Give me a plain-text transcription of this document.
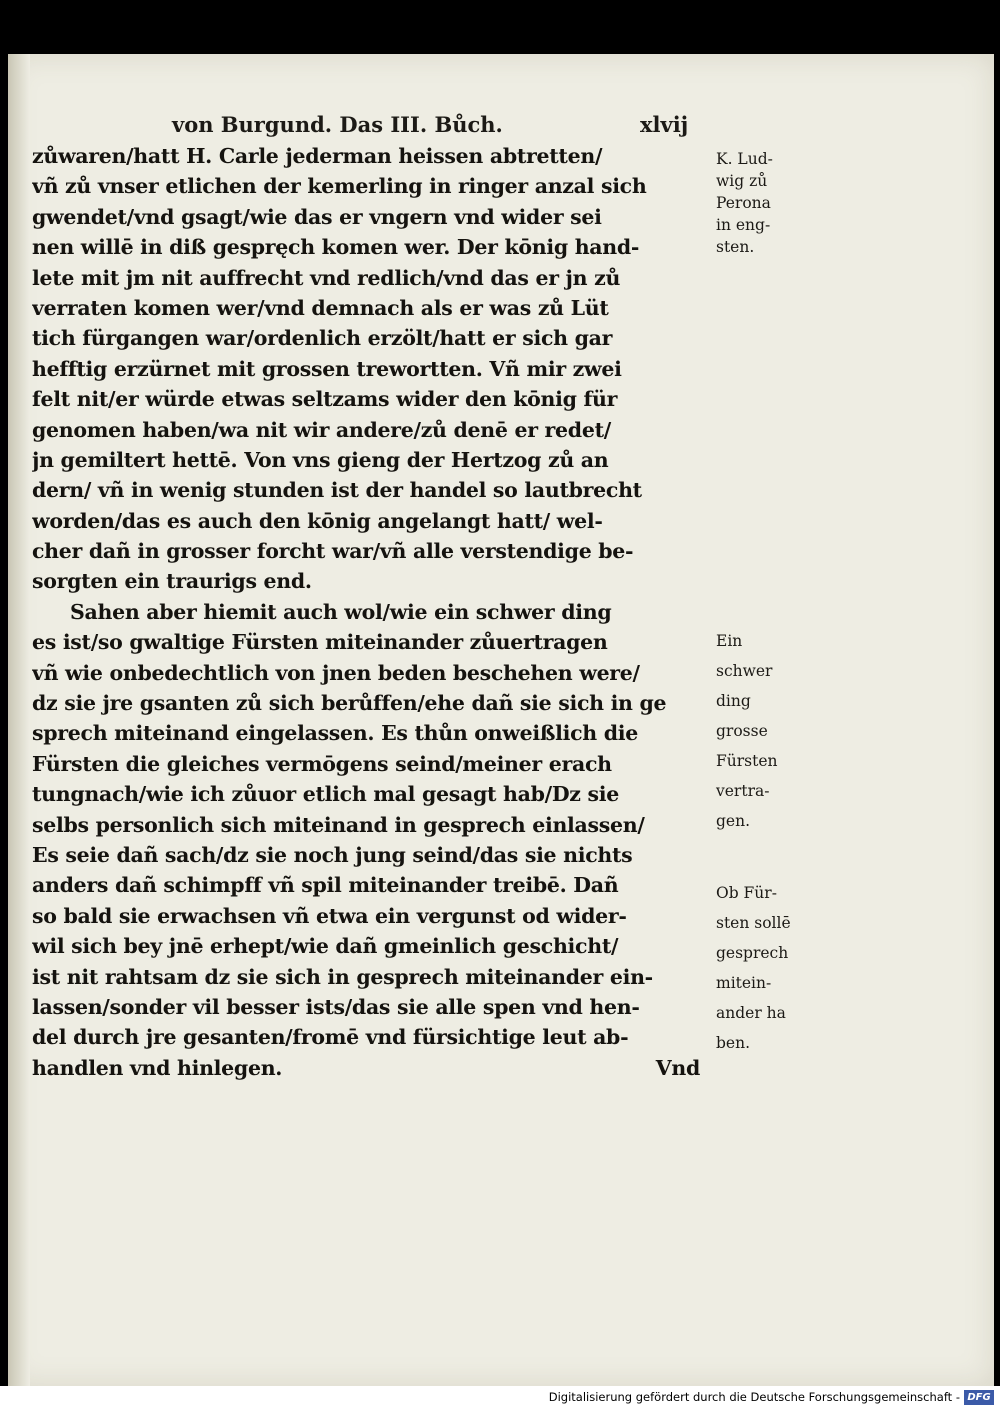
von Burgund. Das III. Bůch.	xlvij
zůwaren/hatt H. Carle jederman heissen abtretten/
vñ zů vnser etlichen der kemerling in ringer anzal sich
gwendet/vnd gsagt/wie das er vngern vnd wider sei
nen willē in diß gespręch komen wer. Der kōnig hand-
lete mit jm nit auffrecht vnd redlich/vnd das er jn zů
verraten komen wer/vnd demnach als er was zů Lüt
tich fürgangen war/ordenlich erzölt/hatt er sich gar
hefftig erzürnet mit grossen trewortten. Vñ mir zwei
felt nit/er würde etwas seltzams wider den kōnig für
genomen haben/wa nit wir andere/zů denē er redet/
jn gemiltert hettē. Von vns gieng der Hertzog zů an
dern/ vñ in wenig stunden ist der handel so lautbrecht
worden/das es auch den kōnig angelangt hatt/ wel-
cher dañ in grosser forcht war/vñ alle verstendige be-
sorgten ein traurigs end.
Sahen aber hiemit auch wol/wie ein schwer ding
es ist/so gwaltige Fürsten miteinander zůuertragen
vñ wie onbedechtlich von jnen beden beschehen were/
dz sie jre gsanten zů sich berůffen/ehe dañ sie sich in ge
sprech miteinand eingelassen. Es thůn onweißlich die
Fürsten die gleiches vermōgens seind/meiner erach
tungnach/wie ich zůuor etlich mal gesagt hab/Dz sie
selbs personlich sich miteinand in gesprech einlassen/
Es seie dañ sach/dz sie noch jung seind/das sie nichts
anders dañ schimpff vñ spil miteinander treibē. Dañ
so bald sie erwachsen vñ etwa ein vergunst od wider-
wil sich bey jnē erhept/wie dañ gmeinlich geschicht/
ist nit rahtsam dz sie sich in gesprech miteinander ein-
lassen/sonder vil besser ists/das sie alle spen vnd hen-
del durch jre gesanten/fromē vnd fürsichtige leut ab-
handlen vnd hinlegen.	Vnd
K. Lud-
wig zů
Perona
in eng-
sten.
Ein
schwer
ding
grosse
Fürsten
vertra-
gen.
Ob Für-
sten sollē
gesprech
mitein-
ander ha
ben.
Digitalisierung gefördert durch die Deutsche Forschungsgemeinschaft - DFG
